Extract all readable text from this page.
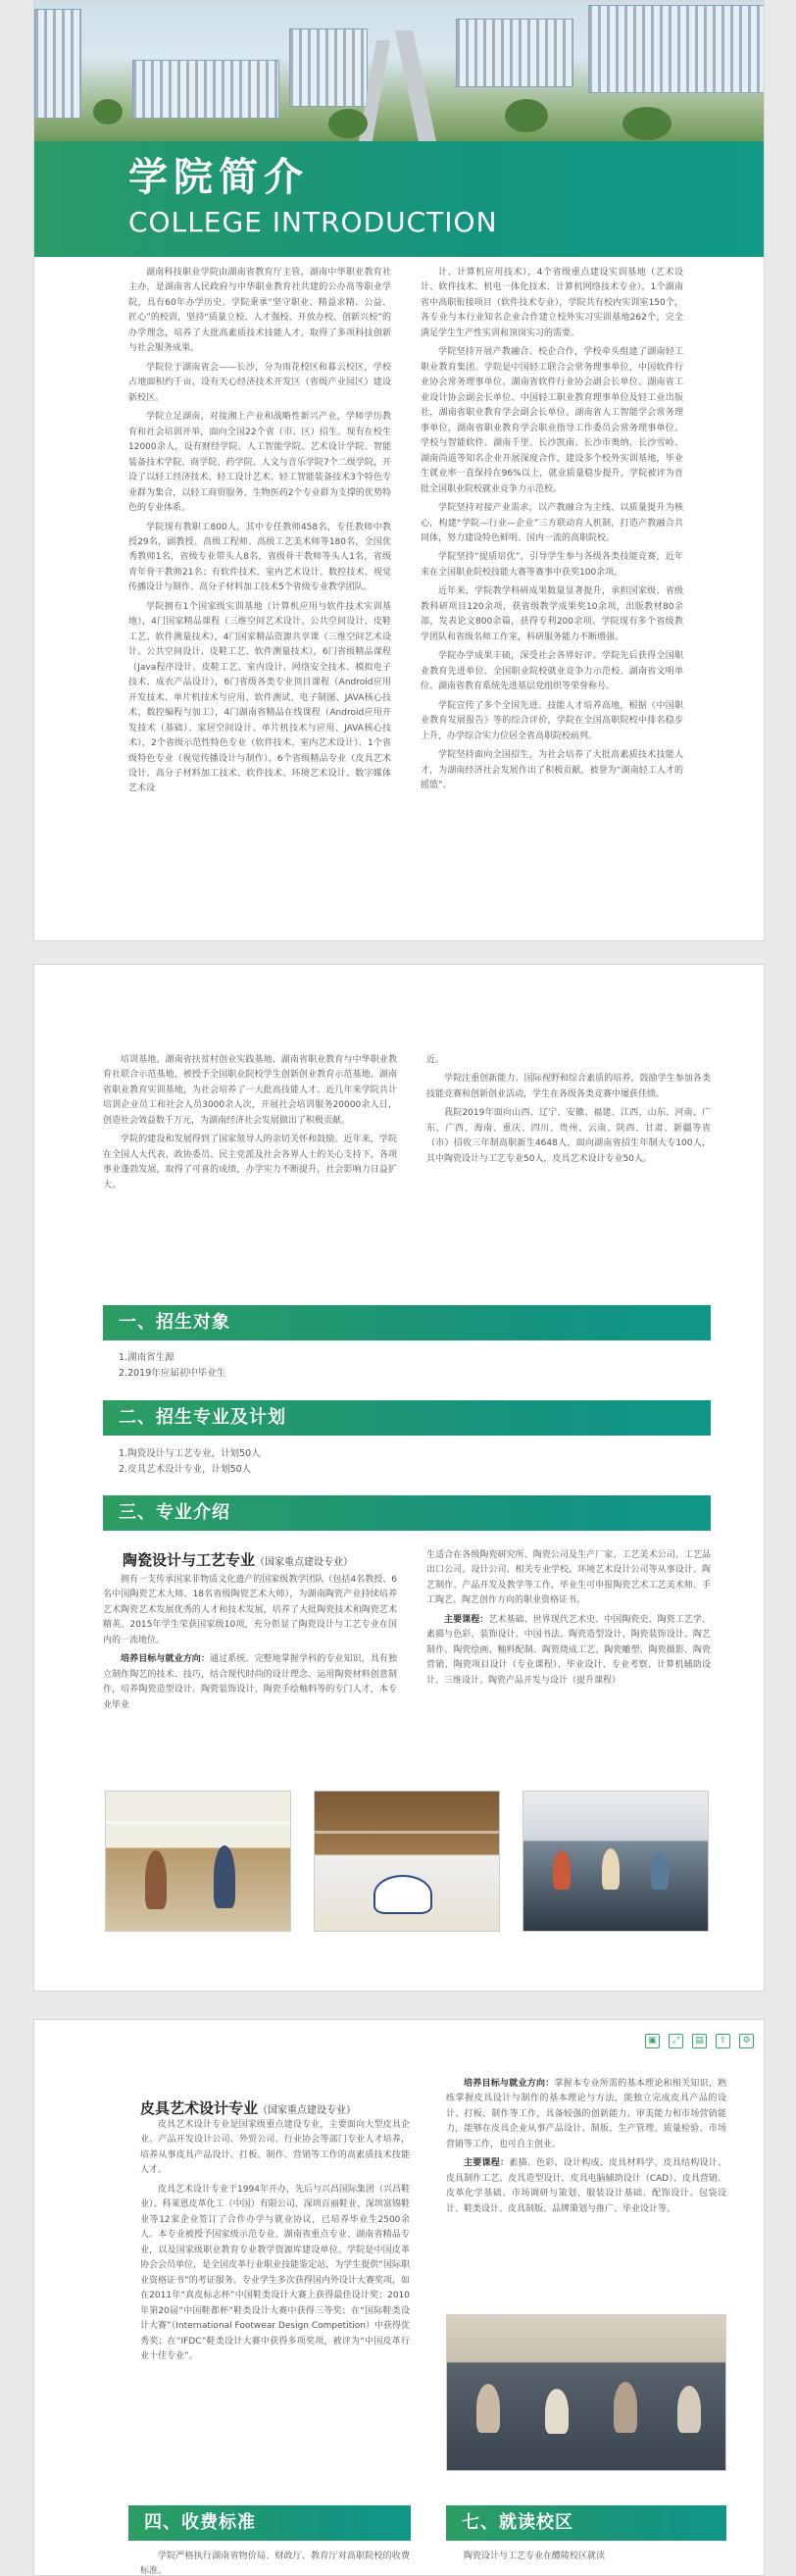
学院简介
COLLEGE INTRODUCTION

湖南科技职业学院由湖南省教育厅主管，湖南中华职业教育社主办，是湖南省人民政府与中华职业教育社共建的公办高等职业学院，具有60年办学历史。学院秉承“坚守职业、精益求精、公益、匠心”的校训，坚持“质量立校、人才强校、开放办校、创新兴校”的办学理念，培养了大批高素质技术技能人才，取得了多项科技创新与社会服务成果。

学院位于湖南省会——长沙，分为雨花校区和暮云校区，学校占地面积约千亩，设有天心经济技术开发区（省级产业园区）建设新校区。

学院立足湖南，对接湘上产业和战略性新兴产业，学师学历教育和社会培训并举，面向全国22个省（市、区）招生。现有在校生12000余人，设有财经学院、人工智能学院、艺术设计学院、智能装备技术学院、商学院、药学院、人文与音乐学院7个二级学院，开设了以轻工经济技术、轻工设计艺术、轻工智能装备技术3个特色专业群为集合，以轻工商贸服务、生物医药2个专业群为支撑的优势特色的专业体系。

学院现有教职工800人，其中专任教师458名，专任教师中教授29名，副教授、高级工程师、高级工艺美术师等180名，全国优秀教师1名，省级专业带头人8名，省级骨干教师等头人1名，省级青年骨干教师21名；有软件技术、室内艺术设计、数控技术、视觉传播设计与制作、高分子材料加工技术5个省级专业教学团队。

学院拥有1个国家级实训基地（计算机应用与软件技术实训基地），4门国家精品课程（三维空间艺术设计、公共空间设计、皮鞋工艺、软件测量技术），4门国家精品资源共享课（三维空间艺术设计、公共空间设计、皮鞋工艺、软件测量技术），6门省级精品课程（Java程序设计、皮鞋工艺、室内设计、网络安全技术、模拟电子技术、成衣产品设计），6门省级各类专业顶目课程（Android应用开发技术、单片机技术与应用、软件测试、电子制图、JAVA核心技术、数控编程与加工），4门湖南省精品在线课程（Android应用开发技术（基础）、家居空间设计、单片机技术与应用、JAVA核心技术），2个省级示范性特色专业（软件技术、室内艺术设计）、1个省级特色专业（视觉传播设计与制作），6个省级精品专业（皮具艺术设计、高分子材料加工技术、软件技术、环境艺术设计、数字媒体艺术设

计、计算机应用技术），4个省级重点建设实训基地（艺术设计、软件技术、机电一体化技术、计算机网络技术专业），1个湖南省中高职衔接项目（软件技术专业），学院共有校内实训室150个，各专业与本行业知名企业合作建立校外实习实训基地262个，完全满足学生生产性实训和顶岗实习的需要。

学院坚持开展产教融合、校企合作，学校牵头组建了湖南轻工职业教育集团。学院是中国轻工联合会常务理事单位，中国软件行业协会常务理事单位、湖南省软件行业协会副会长单位、湖南省工业设计协会副会长单位、中国轻工职业教育理事单位及轻工业出版社，湖南省职业教育学会副会长单位、湖南省人工智能学会常务理事单位，湖南省职业教育学会职业指导工作委员会常务理事单位。学校与智能软件、湖南千里、长沙凯南、长沙市奥纳、长沙雪岭、湖南尚道等知名企业开展深度合作，建设多个校外实训基地，毕业生就业率一直保持在96%以上，就业质量稳步提升，学院被评为首批全国职业院校就业竞争力示范校。

学院坚持对接产业需求，以产教融合为主线、以质量提升为核心，构建“学院—行业—企业”三方联动育人机制，打造产教融合共同体，努力建设特色鲜明、国内一流的高职院校。

学院坚持“提质培优”，引导学生参与各级各类技能竞赛，近年来在全国职业院校技能大赛等赛事中获奖100余项。

近年来，学院教学科研成果数量显著提升，承担国家级、省级教科研项目120余项，获省级教学成果奖10余项，出版教材80余部，发表论文800余篇，获得专利200余项。学院现有多个省级教学团队和省级名师工作室，科研服务能力不断增强。

学院办学成果丰硕，深受社会各界好评。学院先后获得全国职业教育先进单位、全国职业院校就业竞争力示范校、湖南省文明单位、湖南省教育系统先进基层党组织等荣誉称号。

学院宣传了多个全国先进、技能人才培养高地，根据《中国职业教育发展报告》等的综合评价，学院在全国高职院校中排名稳步上升，办学综合实力位居全省高职院校前列。

学院坚持面向全国招生，为社会培养了大批高素质技术技能人才，为湖南经济社会发展作出了积极贡献，被誉为“湖南轻工人才的摇篮”。

培训基地、湖南省扶贫村创业实践基地、湖南省职业教育与中华职业教育社联合示范基地，被授予全国职业院校学生创新创业教育示范基地、湖南省职业教育实训基地，为社会培养了一大批高技能人才。近几年来学院共计培训企业员工和社会人员3000余人次，开展社会培训服务20000余人日，创造社会效益数千万元，为湖南经济社会发展做出了积极贡献。

学院的建设和发展得到了国家领导人的亲切关怀和鼓励。近年来，学院在全国人大代表、政协委员、民主党派及社会各界人士的关心支持下，各项事业蓬勃发展，取得了可喜的成绩，办学实力不断提升，社会影响力日益扩大。

近。

学院注重创新能力、国际视野和综合素质的培养，鼓励学生参加各类技能竞赛和创新创业活动，学生在各级各类竞赛中屡获佳绩。

我院2019年面向山西、辽宁、安徽、福建、江西、山东、河南、广东、广西、海南、重庆、四川、贵州、云南、陕西、甘肃、新疆等省（市）招收三年制高职新生4648人，面向湖南省招生年制大专100人，其中陶瓷设计与工艺专业50人，皮具艺术设计专业50人。

一、招生对象
1.湖南省生源
2.2019年应届初中毕业生
二、招生专业及计划
1.陶瓷设计与工艺专业，计划50人
2.皮具艺术设计专业，计划50人
三、专业介绍
陶瓷设计与工艺专业（国家重点建设专业）

拥有一支传承国家非物质文化遗产的国家级教学团队（包括4名教授、6名中国陶瓷艺术大师、18名省级陶瓷艺术大师），为湖南陶瓷产业持续培养艺术陶瓷艺术发展优秀的人才和技术发展，培养了大批陶瓷技术和陶瓷艺术精英。2015年学生荣获国家级10项，充分彰显了陶瓷设计与工艺专业在国内的一流地位。

培养目标与就业方向：通过系统、完整地掌握学科的专业知识，具有独立制作陶艺的技术、技巧，结合现代时尚的设计理念、运用陶瓷材料创意制作，培养陶瓷造型设计、陶瓷装饰设计、陶瓷手绘釉料等的专门人才，本专业毕业

生适合在各级陶瓷研究所、陶瓷公司及生产厂家、工艺美术公司、工艺品出口公司、设计公司、相关专业学校、环境艺术设计公司等从事设计、陶艺制作、产品开发及教学等工作，毕业生可申报陶瓷艺术工艺美术师、手工陶艺、陶艺创作方向的职业资格证书。

主要课程：艺术基础、世界现代艺术史、中国陶瓷史、陶瓷工艺学、素描与色彩、装饰设计、中国书法、陶瓷造型设计、陶瓷装饰设计、陶艺制作、陶瓷绘画、釉料配制、陶瓷烧成工艺、陶瓷雕塑、陶瓷摄影、陶瓷营销、陶瓷项目设计（专业课程）、毕业设计、专业考察、计算机辅助设计、三维设计、陶瓷产品开发与设计（提升课程）

▣	⤢	▤	⇪	⚙
皮具艺术设计专业（国家重点建设专业）

皮具艺术设计专业是国家级重点建设专业，主要面向大型皮具企业、产品开发设计公司、外贸公司、行业协会等部门专业人才培养，培养从事皮具产品设计、打板、制作、营销等工作的高素质技术技能人才。

皮具艺术设计专业于1994年开办，先后与兴昌国际集团（兴昌鞋业）、科莱恩皮革化工（中国）有限公司、深圳百丽鞋业、深圳富锦鞋业等12家企业签订了合作办学与就业协议，已培养毕业生2500余人。本专业被授予国家级示范专业、湖南省重点专业、湖南省精品专业，以及国家级职业教育专业教学资源库建设单位。学院是中国皮革协会会员单位，是全国皮革行业职业技能鉴定站，为学生提供“国际职业资格证书”的考证服务。专业学生多次获得国内外设计大赛奖项，如在2011年“真皮标志杯”中国鞋类设计大赛上获得最佳设计奖；2010年第20届“中国鞋都杯”鞋类设计大赛中获得三等奖；在“国际鞋类设计大赛”（International Footwear Design Competition）中获得优秀奖；在“IFDC”鞋类设计大赛中获得多项奖项，被评为“中国皮革行业十佳专业”。

培养目标与就业方向：掌握本专业所需的基本理论和相关知识，熟练掌握皮具设计与制作的基本理论与方法，能独立完成皮具产品的设计、打板、制作等工作，具备较强的创新能力、审美能力和市场营销能力，能够在皮具企业从事产品设计、制版、生产管理、质量检验、市场营销等工作，也可自主创业。

主要课程：素描、色彩、设计构成、皮具材料学、皮具结构设计、皮具制作工艺、皮具造型设计、皮具电脑辅助设计（CAD）、皮具营销、皮革化学基础、市场调研与策划、服装设计基础、配饰设计、包袋设计、鞋类设计、皮具制版、品牌策划与推广、毕业设计等。

四、收费标准	七、就读校区

学院严格执行湖南省物价局、财政厅、教育厅对高职院校的收费标准。

陶瓷设计与工艺专业在醴陵校区就读
